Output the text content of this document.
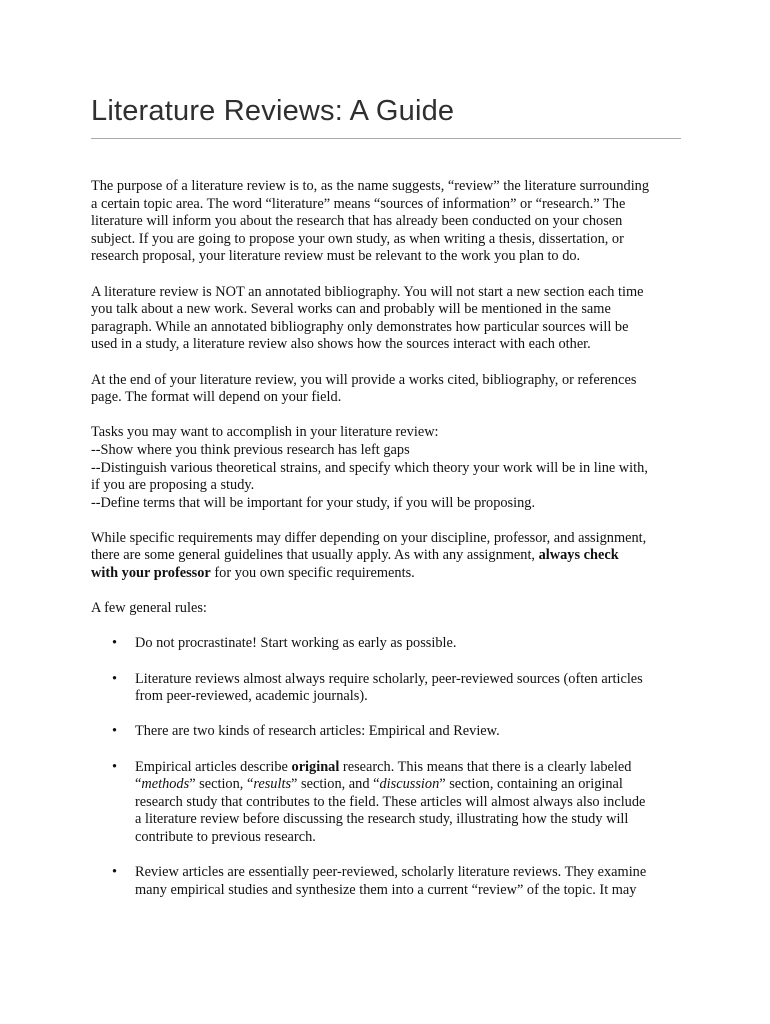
Literature Reviews: A Guide

The purpose of a literature review is to, as the name suggests, “review” the literature surrounding
a certain topic area. The word “literature” means “sources of information” or “research.” The
literature will inform you about the research that has already been conducted on your chosen
subject. If you are going to propose your own study, as when writing a thesis, dissertation, or
research proposal, your literature review must be relevant to the work you plan to do.

A literature review is NOT an annotated bibliography. You will not start a new section each time
you talk about a new work. Several works can and probably will be mentioned in the same
paragraph. While an annotated bibliography only demonstrates how particular sources will be
used in a study, a literature review also shows how the sources interact with each other.

At the end of your literature review, you will provide a works cited, bibliography, or references
page. The format will depend on your field.

Tasks you may want to accomplish in your literature review:
--Show where you think previous research has left gaps
--Distinguish various theoretical strains, and specify which theory your work will be in line with,
if you are proposing a study.
--Define terms that will be important for your study, if you will be proposing.

While specific requirements may differ depending on your discipline, professor, and assignment,
there are some general guidelines that usually apply. As with any assignment, always check
with your professor for you own specific requirements.

A few general rules:

• Do not procrastinate! Start working as early as possible.
• Literature reviews almost always require scholarly, peer-reviewed sources (often articles
from peer-reviewed, academic journals).
• There are two kinds of research articles: Empirical and Review.
• Empirical articles describe original research. This means that there is a clearly labeled
“methods” section, “results” section, and “discussion” section, containing an original
research study that contributes to the field. These articles will almost always also include
a literature review before discussing the research study, illustrating how the study will
contribute to previous research.
• Review articles are essentially peer-reviewed, scholarly literature reviews. They examine
many empirical studies and synthesize them into a current “review” of the topic. It may
